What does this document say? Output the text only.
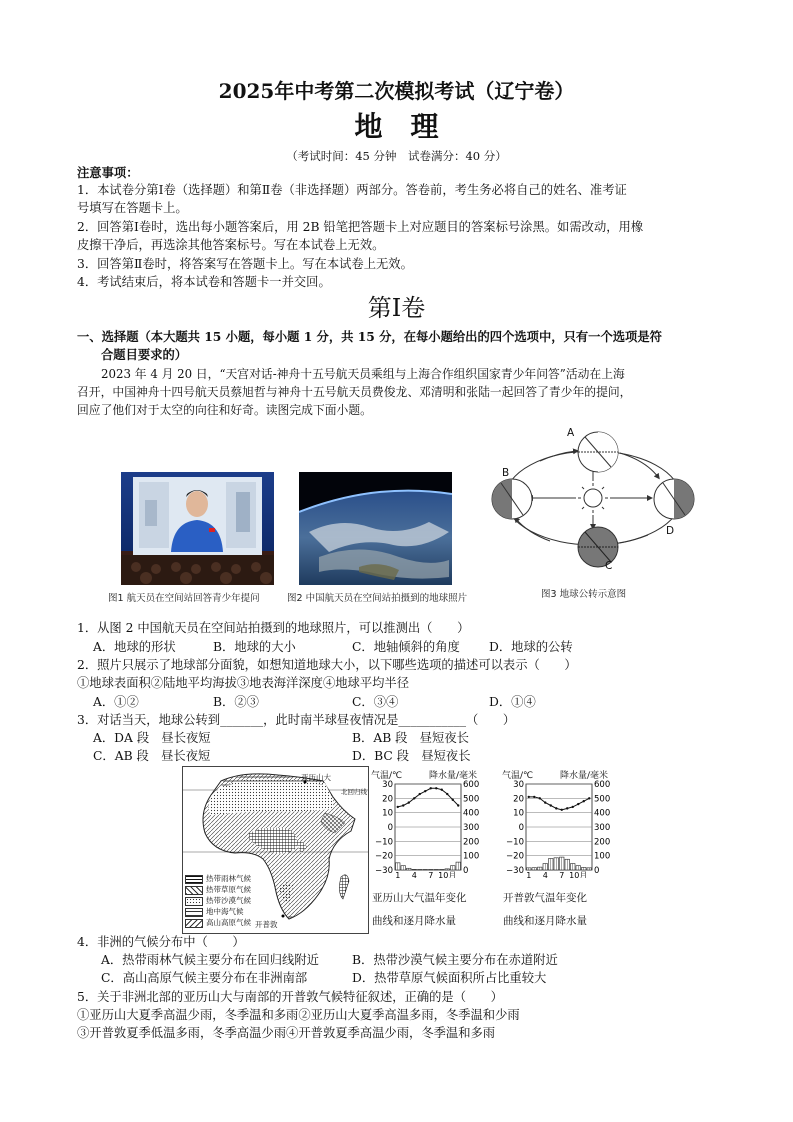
2025年中考第二次模拟考试（辽宁卷）
地　理
（考试时间：45 分钟　试卷满分：40 分）
注意事项：
1．本试卷分第Ⅰ卷（选择题）和第Ⅱ卷（非选择题）两部分。答卷前，考生务必将自己的姓名、准考证
号填写在答题卡上。
2．回答第Ⅰ卷时，选出每小题答案后，用 2B 铅笔把答题卡上对应题目的答案标号涂黑。如需改动，用橡
皮擦干净后，再选涂其他答案标号。写在本试卷上无效。
3．回答第Ⅱ卷时，将答案写在答题卡上。写在本试卷上无效。
4．考试结束后，将本试卷和答题卡一并交回。
第Ⅰ卷
一、选择题（本大题共 15 小题，每小题 1 分，共 15 分，在每小题给出的四个选项中，只有一个选项是符
合题目要求的）
2023 年 4 月 20 日，“天宫对话-神舟十五号航天员乘组与上海合作组织国家青少年问答”活动在上海
召开，中国神舟十四号航天员蔡旭哲与神舟十五号航天员费俊龙、邓清明和张陆一起回答了青少年的提问，
回应了他们对于太空的向往和好奇。读图完成下面小题。
图1 航天员在空间站回答青少年提问	图2 中国航天员在空间站拍摄到的地球照片
A
B
C
D
图3 地球公转示意图
1．从图 2 中国航天员在空间站拍摄到的地球照片，可以推测出（　　）
A．地球的形状	B．地球的大小	C．地轴倾斜的角度 D．地球的公转
2．照片只展示了地球部分面貌，如想知道地球大小，以下哪些选项的描述可以表示（　　）
①地球表面积②陆地平均海拔③地表海洋深度④地球平均半径
A．①②	B．②③	C．③④	D．①④
3．对话当天，地球公转到_______，此时南半球昼夜情况是___________（　　）
A．DA 段　昼长夜短	B．AB 段　昼短夜长
C．AB 段　昼长夜短	D．BC 段　昼短夜长
亚历山大
北回归线
开普敦
热带雨林气候
热带草原气候
热带沙漠气候
地中海气候
高山高原气候
气温/℃	降水量/毫米
30	600
20	500
10	400
0	300
−10	200
−20	100
−30	0
1 4 7 10月
亚历山大气温年变化
曲线和逐月降水量
气温/℃	降水量/毫米
30	600
20	500
10	400
0	300
−10	200
−20	100
−30	0
1 4 7 10月
开普敦气温年变化
曲线和逐月降水量
4．非洲的气候分布中（　　）
A．热带雨林气候主要分布在回归线附近	B．热带沙漠气候主要分布在赤道附近
C．高山高原气候主要分布在非洲南部	D．热带草原气候面积所占比重较大
5．关于非洲北部的亚历山大与南部的开普敦气候特征叙述，正确的是（　　）
①亚历山大夏季高温少雨，冬季温和多雨②亚历山大夏季高温多雨，冬季温和少雨
③开普敦夏季低温多雨，冬季高温少雨④开普敦夏季高温少雨，冬季温和多雨
